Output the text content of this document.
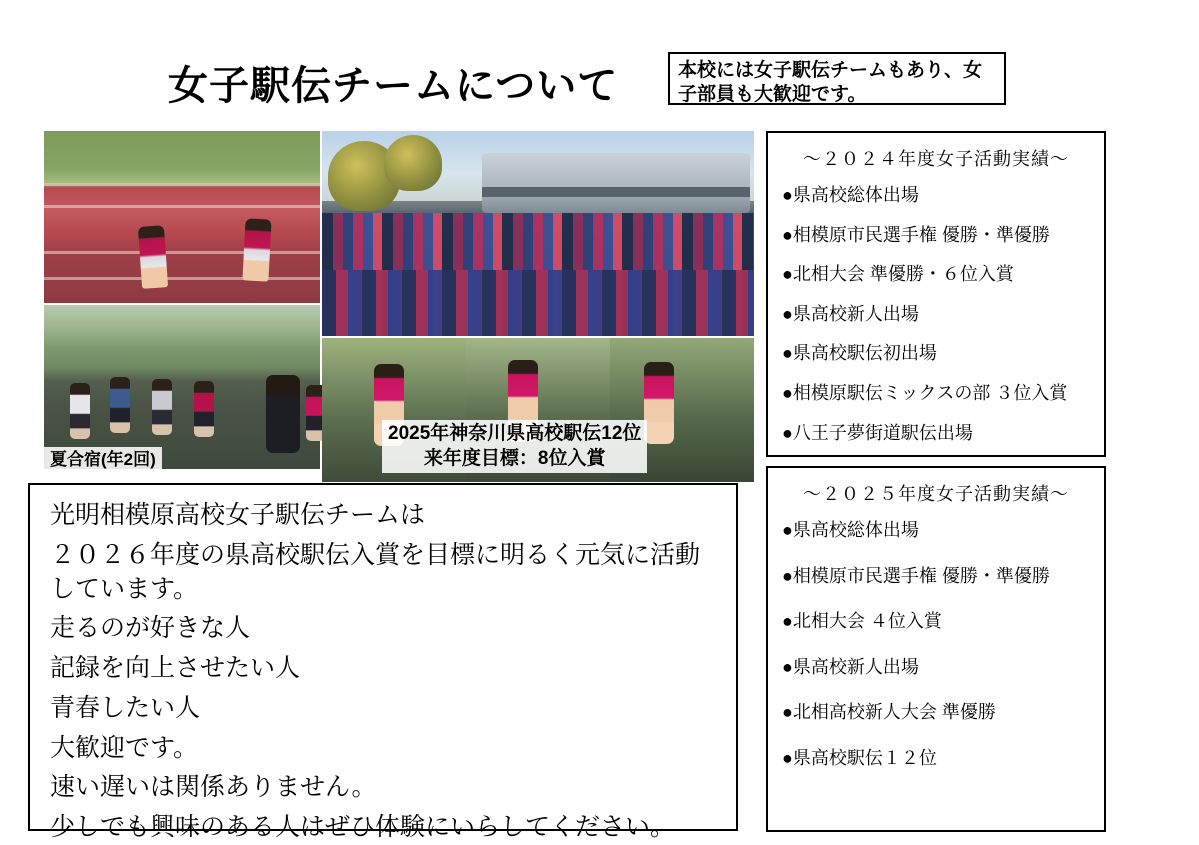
女子駅伝チームについて	本校には女子駅伝チームもあり、女子部員も大歓迎です。
夏合宿(年2回)
2025年神奈川県高校駅伝12位
来年度目標：8位入賞
〜２０２４年度女子活動実績〜
●県高校総体出場
●相模原市民選手権 優勝・準優勝
●北相大会 準優勝・６位入賞
●県高校新人出場
●県高校駅伝初出場
●相模原駅伝ミックスの部 ３位入賞
●八王子夢街道駅伝出場
〜２０２５年度女子活動実績〜
●県高校総体出場
●相模原市民選手権 優勝・準優勝
●北相大会 ４位入賞
●県高校新人出場
●北相高校新人大会 準優勝
●県高校駅伝１２位
光明相模原高校女子駅伝チームは
２０２６年度の県高校駅伝入賞を目標に明るく元気に活動しています。
走るのが好きな人
記録を向上させたい人
青春したい人
大歓迎です。
速い遅いは関係ありません。
少しでも興味のある人はぜひ体験にいらしてください。
